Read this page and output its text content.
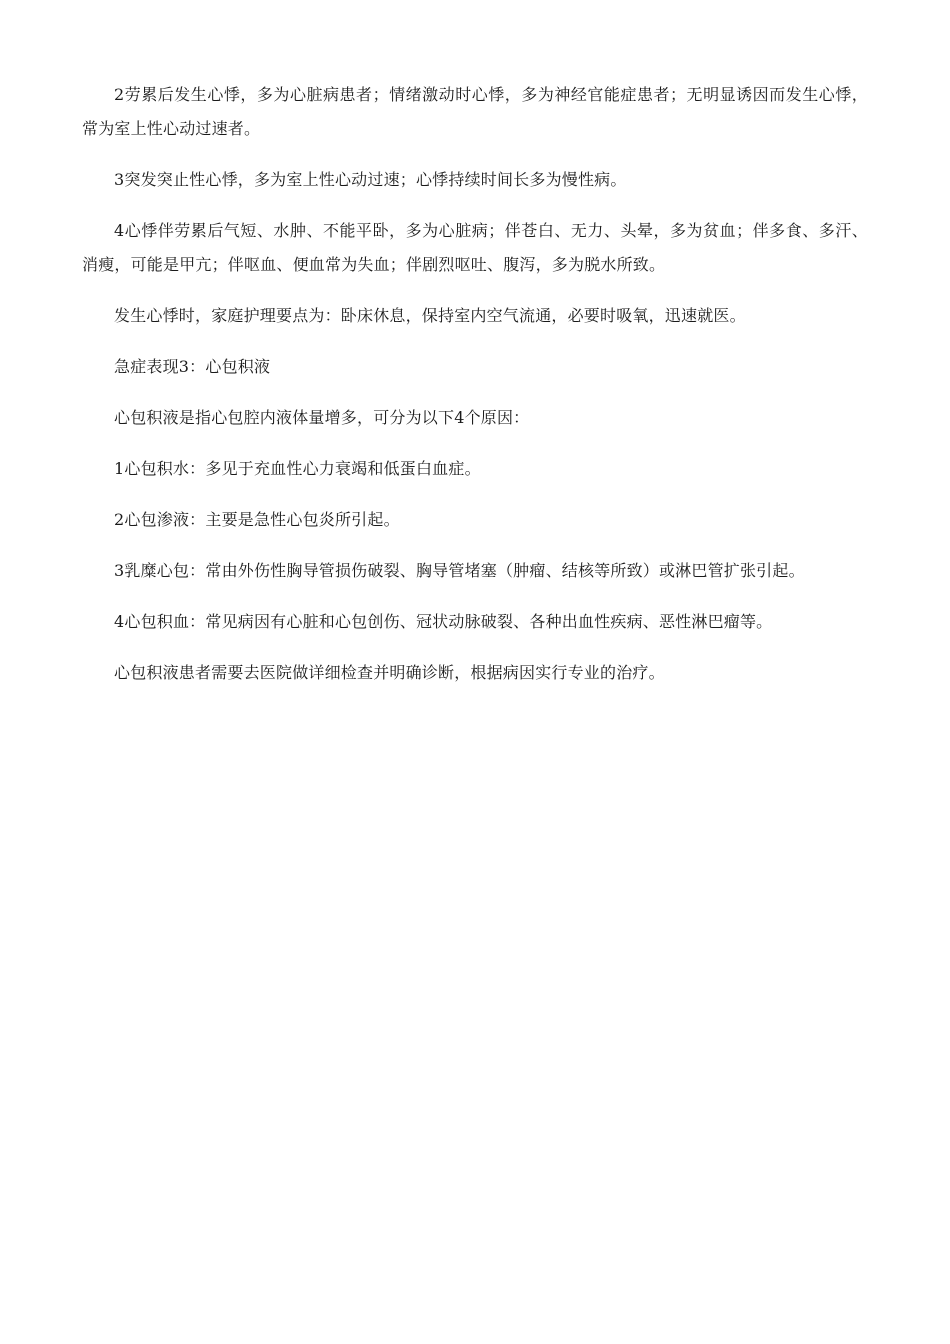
2劳累后发生心悸，多为心脏病患者；情绪激动时心悸，多为神经官能症患者；无明显诱因而发生心悸，常为室上性心动过速者。

3突发突止性心悸，多为室上性心动过速；心悸持续时间长多为慢性病。

4心悸伴劳累后气短、水肿、不能平卧，多为心脏病；伴苍白、无力、头晕，多为贫血；伴多食、多汗、消瘦，可能是甲亢；伴呕血、便血常为失血；伴剧烈呕吐、腹泻，多为脱水所致。

发生心悸时，家庭护理要点为：卧床休息，保持室内空气流通，必要时吸氧，迅速就医。

急症表现3：心包积液

心包积液是指心包腔内液体量增多，可分为以下4个原因：

1心包积水：多见于充血性心力衰竭和低蛋白血症。

2心包渗液：主要是急性心包炎所引起。

3乳糜心包：常由外伤性胸导管损伤破裂、胸导管堵塞（肿瘤、结核等所致）或淋巴管扩张引起。

4心包积血：常见病因有心脏和心包创伤、冠状动脉破裂、各种出血性疾病、恶性淋巴瘤等。

心包积液患者需要去医院做详细检查并明确诊断，根据病因实行专业的治疗。
